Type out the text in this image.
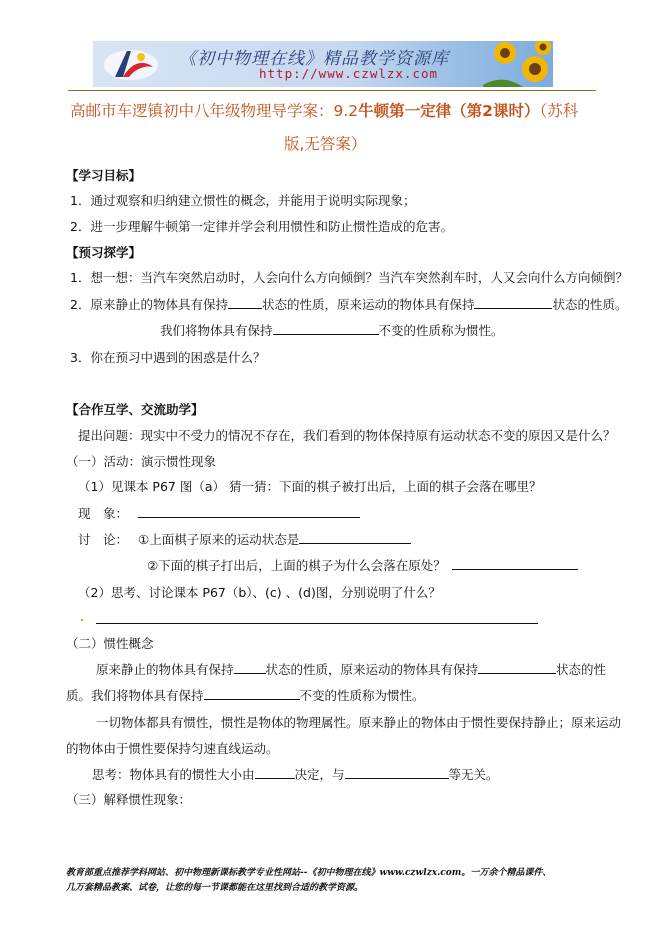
《初中物理在线》精品教学资源库
http://www.czwlzx.com
高邮市车逻镇初中八年级物理导学案：9.2牛顿第一定律（第2课时）（苏科
版,无答案）
【学习目标】
1．通过观察和归纳建立惯性的概念，并能用于说明实际现象；
2．进一步理解牛顿第一定律并学会利用惯性和防止惯性造成的危害。
【预习探学】
1．想一想：当汽车突然启动时，人会向什么方向倾倒？当汽车突然刹车时，人又会向什么方向倾倒？
2．原来静止的物体具有保持	状态的性质，原来运动的物体具有保持	状态的性质。
我们将物体具有保持	不变的性质称为惯性。
3．你在预习中遇到的困惑是什么？
【合作互学、交流助学】
提出问题：现实中不受力的情况不存在，我们看到的物体保持原有运动状态不变的原因又是什么？
（一）活动：演示惯性现象
（1）见课本 P67 图（a） 猜一猜：下面的棋子被打出后，上面的棋子会落在哪里？
现　象：
讨　论： ①上面棋子原来的运动状态是
②下面的棋子打出后，上面的棋子为什么会落在原处？
（2）思考、讨论课本 P67（b）、(c) 、(d)图，分别说明了什么？
（二）惯性概念
原来静止的物体具有保持	状态的性质，原来运动的物体具有保持	状态的性
质。我们将物体具有保持	不变的性质称为惯性。
一切物体都具有惯性，惯性是物体的物理属性。原来静止的物体由于惯性要保持静止；原来运动
的物体由于惯性要保持匀速直线运动。
思考：物体具有的惯性大小由	决定，与	等无关。
（三）解释惯性现象：
教育部重点推荐学科网站、初中物理新课标教学专业性网站--《初中物理在线》www.czwlzx.com。一万余个精品课件、
几万套精品教案、试卷，让您的每一节课都能在这里找到合适的教学资源。
